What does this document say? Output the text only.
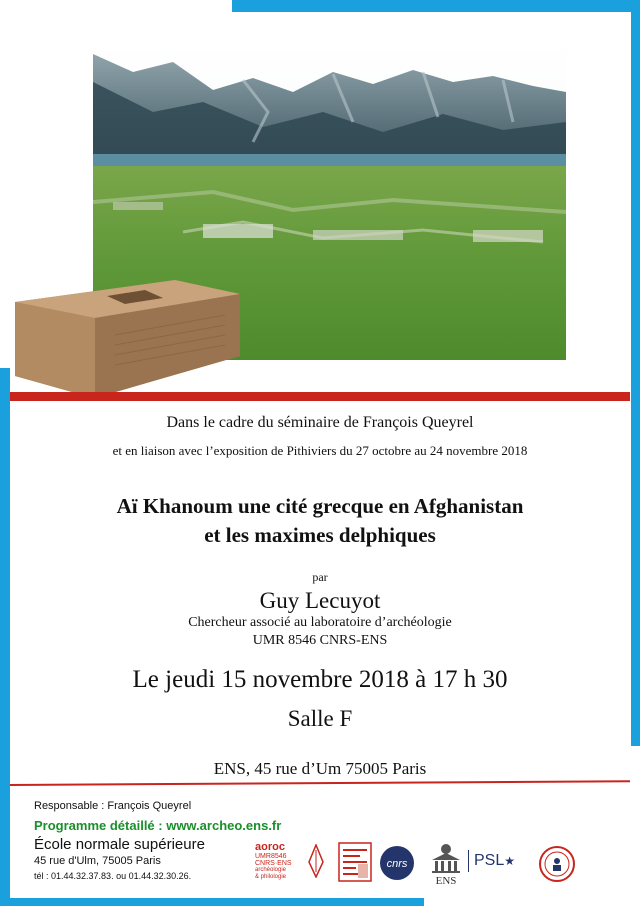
Dans le cadre du séminaire de François Queyrel
et en liaison avec l’exposition de Pithiviers du 27 octobre au 24 novembre 2018
Aï Khanoum une cité grecque en Afghanistan
et les maximes delphiques
par
Guy Lecuyot
Chercheur associé au laboratoire d’archéologie
UMR 8546 CNRS-ENS
Le jeudi 15 novembre 2018 à 17 h 30
Salle F
ENS, 45 rue d’Um 75005 Paris
Responsable : François Queyrel
Programme détaillé : www.archeo.ens.fr
École normale supérieure
45 rue d'Ulm, 75005 Paris
tél : 01.44.32.37.83. ou 01.44.32.30.26.
aoroc
UMR8546
CNRS·ENS
archéologie
& philologie
cnrs
ENS
PSL★
